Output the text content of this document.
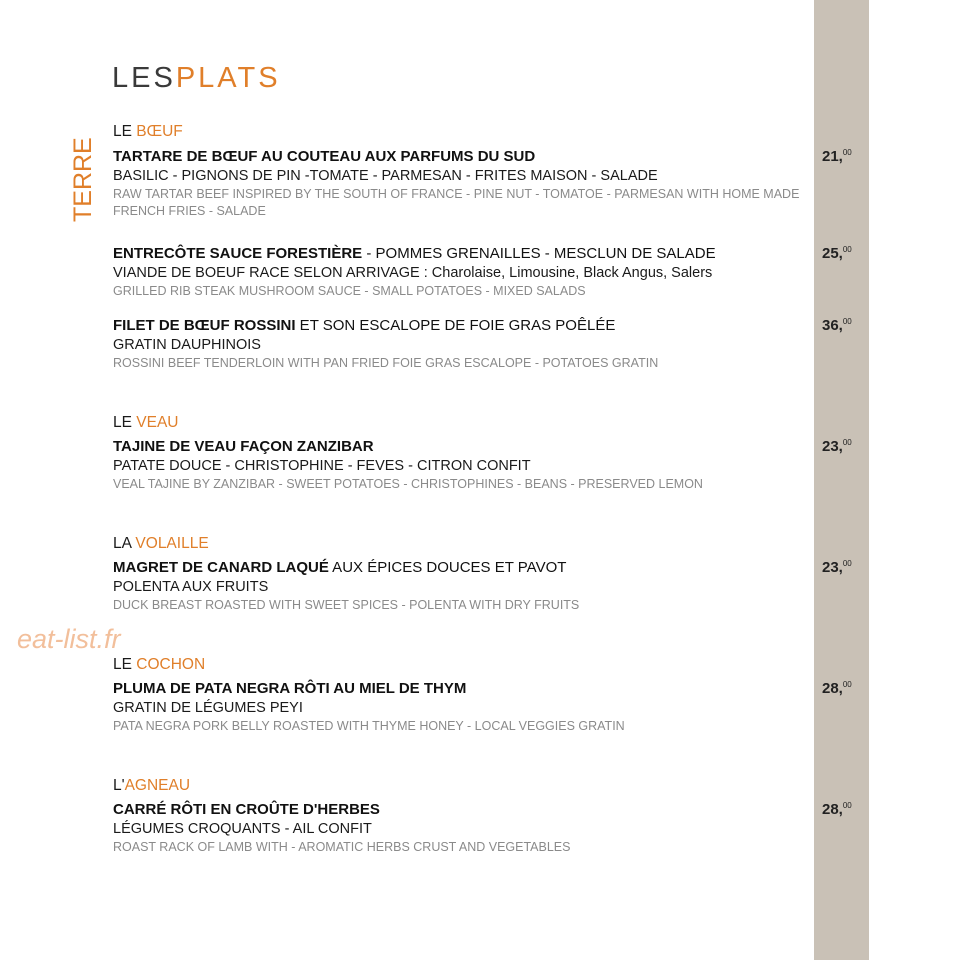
LESPLATS
TERRE
LE BŒUF
LE VEAU
LA VOLAILLE
LE COCHON
L'AGNEAU
TARTARE DE BŒUF AU COUTEAU AUX PARFUMS DU SUD
BASILIC - PIGNONS DE PIN -TOMATE - PARMESAN - FRITES MAISON - SALADE
RAW TARTAR BEEF INSPIRED BY THE SOUTH OF FRANCE - PINE NUT - TOMATOE - PARMESAN WITH HOME MADE FRENCH FRIES - SALADE
21,00
ENTRECÔTE SAUCE FORESTIÈRE - POMMES GRENAILLES - MESCLUN DE SALADE
VIANDE DE BOEUF RACE SELON ARRIVAGE : Charolaise, Limousine, Black Angus, Salers
GRILLED RIB STEAK MUSHROOM SAUCE - SMALL POTATOES - MIXED SALADS
25,00
FILET DE BŒUF ROSSINI ET SON ESCALOPE DE FOIE GRAS POÊLÉE
GRATIN DAUPHINOIS
ROSSINI BEEF TENDERLOIN WITH PAN FRIED FOIE GRAS ESCALOPE - POTATOES GRATIN
36,00
TAJINE DE VEAU FAÇON ZANZIBAR
PATATE DOUCE - CHRISTOPHINE - FEVES - CITRON CONFIT
VEAL TAJINE BY ZANZIBAR - SWEET POTATOES - CHRISTOPHINES - BEANS - PRESERVED LEMON
23,00
MAGRET DE CANARD LAQUÉ AUX ÉPICES DOUCES ET PAVOT
POLENTA AUX FRUITS
DUCK BREAST ROASTED WITH SWEET SPICES - POLENTA WITH DRY FRUITS
23,00
PLUMA DE PATA NEGRA RÔTI AU MIEL DE THYM
GRATIN DE LÉGUMES PEYI
PATA NEGRA PORK BELLY ROASTED WITH THYME HONEY - LOCAL VEGGIES GRATIN
28,00
CARRÉ RÔTI EN CROÛTE D'HERBES
LÉGUMES CROQUANTS - AIL CONFIT
ROAST RACK OF LAMB WITH - AROMATIC HERBS CRUST AND VEGETABLES
28,00
eat-list.fr
